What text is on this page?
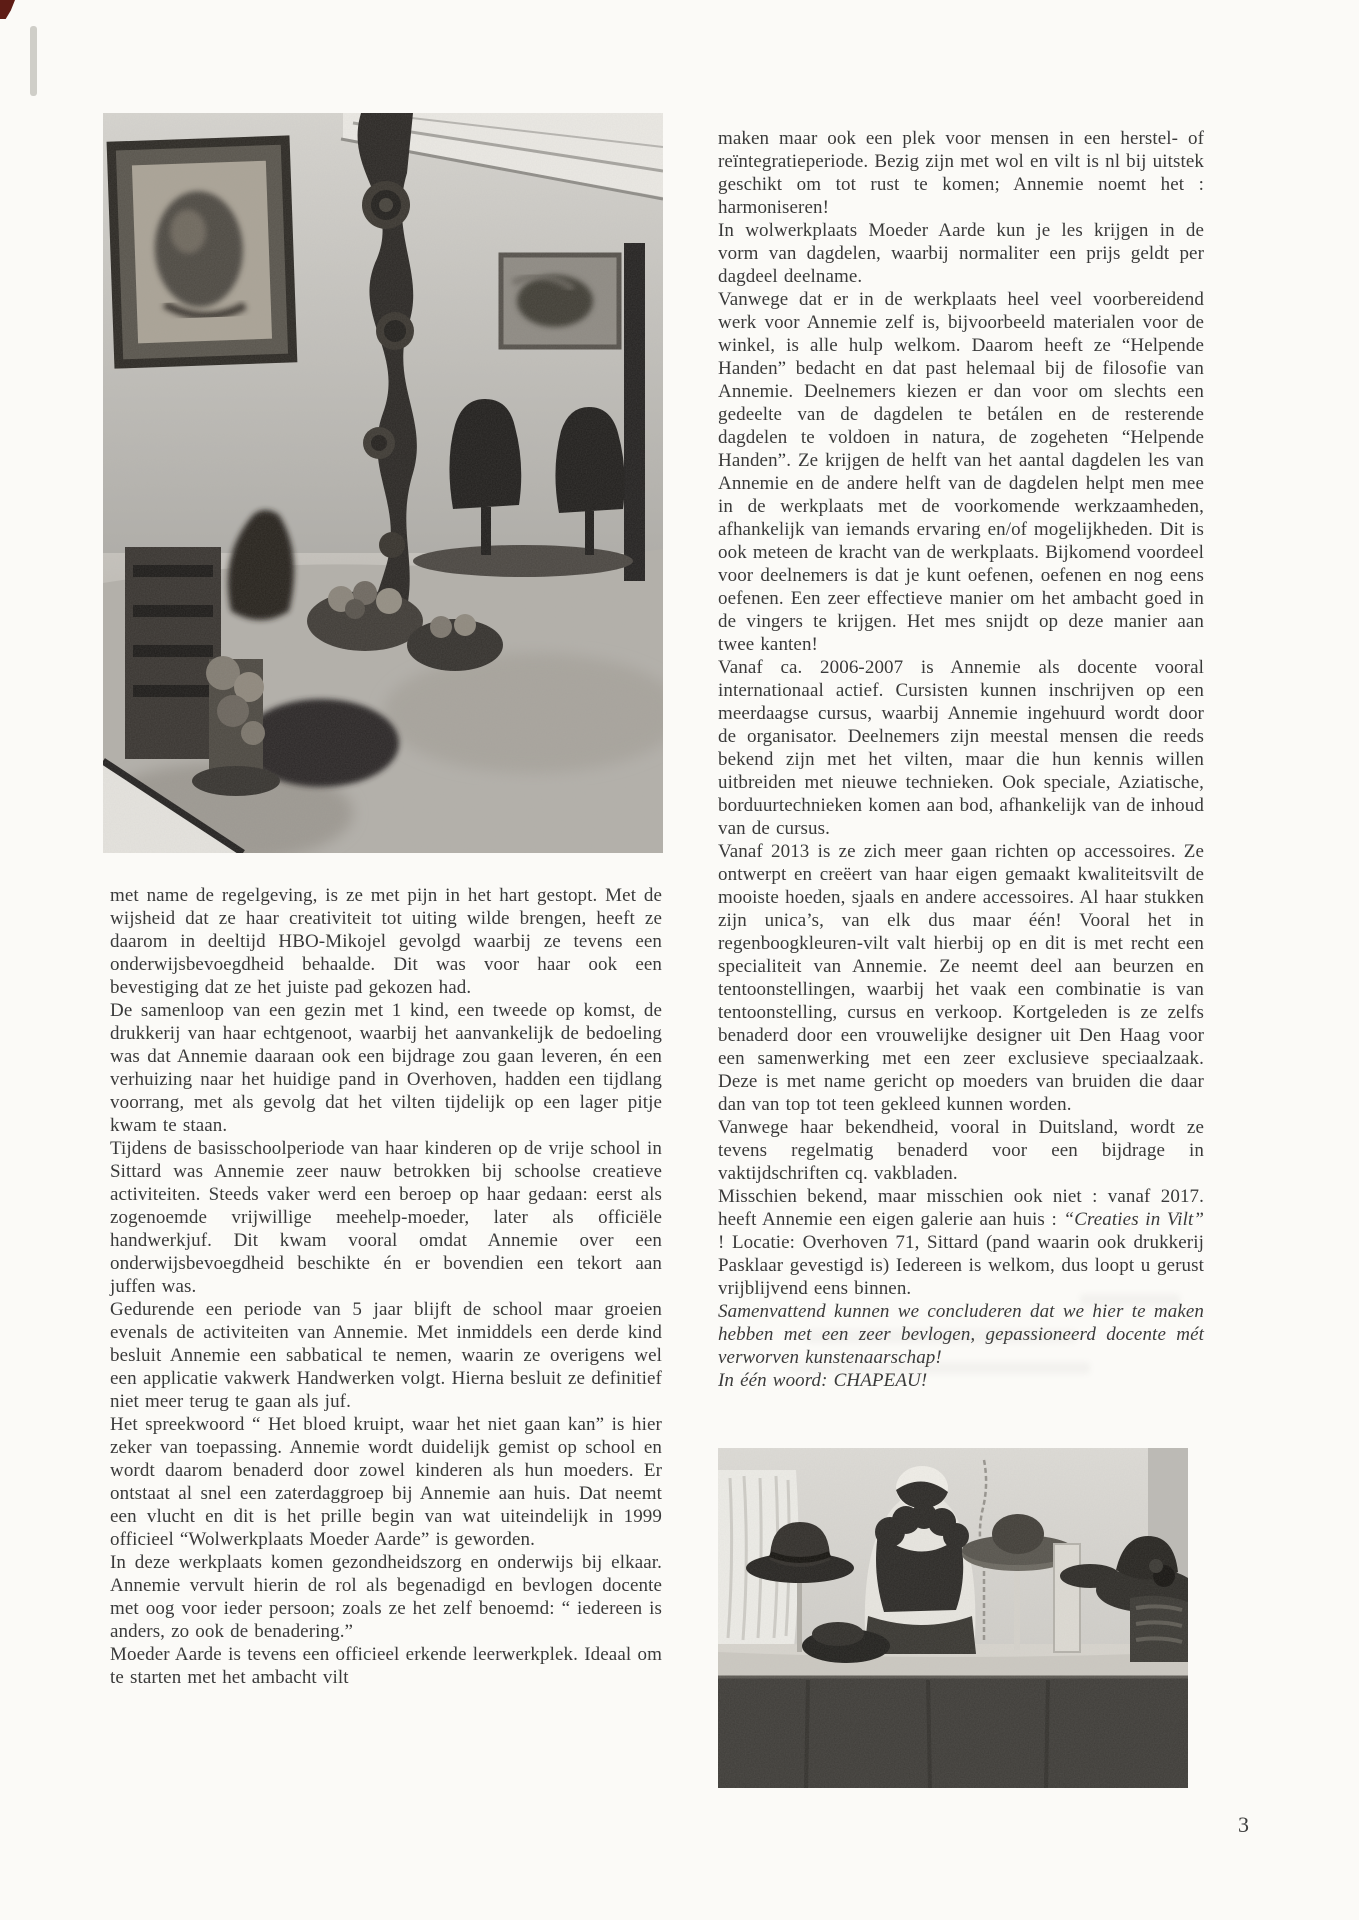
met name de regelgeving, is ze met pijn in het hart gestopt. Met de wijsheid dat ze haar creativiteit tot uiting wilde brengen, heeft ze daarom in deeltijd HBO-Mikojel gevolgd waarbij ze tevens een onderwijsbevoegdheid behaalde. Dit was voor haar ook een bevestiging dat ze het juiste pad gekozen had.

De samenloop van een gezin met 1 kind, een tweede op komst, de drukkerij van haar echtgenoot, waarbij het aanvankelijk de bedoeling was dat Annemie daaraan ook een bijdrage zou gaan leveren, én een verhuizing naar het huidige pand in Overhoven, hadden een tijdlang voorrang, met als gevolg dat het vilten tijdelijk op een lager pitje kwam te staan.

Tijdens de basisschoolperiode van haar kinderen op de vrije school in Sittard was Annemie zeer nauw betrokken bij schoolse creatieve activiteiten. Steeds vaker werd een beroep op haar gedaan: eerst als zogenoemde vrijwillige meehelp-moeder, later als officiële handwerkjuf. Dit kwam vooral omdat Annemie over een onderwijsbevoegdheid beschikte én er bovendien een tekort aan juffen was.

Gedurende een periode van 5 jaar blijft de school maar groeien evenals de activiteiten van Annemie. Met inmiddels een derde kind besluit Annemie een sabbatical te nemen, waarin ze overigens wel een applicatie vakwerk Handwerken volgt. Hierna besluit ze definitief niet meer terug te gaan als juf.

Het spreekwoord “ Het bloed kruipt, waar het niet gaan kan” is hier zeker van toepassing. Annemie wordt duidelijk gemist op school en wordt daarom benaderd door zowel kinderen als hun moeders. Er ontstaat al snel een zaterdaggroep bij Annemie aan huis. Dat neemt een vlucht en dit is het prille begin van wat uiteindelijk in 1999 officieel “Wolwerkplaats Moeder Aarde” is geworden.

In deze werkplaats komen gezondheidszorg en onderwijs bij elkaar. Annemie vervult hierin de rol als begenadigd en bevlogen docente met oog voor ieder persoon; zoals ze het zelf benoemd: “ iedereen is anders, zo ook de benadering.”

Moeder Aarde is tevens een officieel erkende leerwerkplek. Ideaal om te starten met het ambacht vilt

maken maar ook een plek voor mensen in een herstel- of reïntegratieperiode. Bezig zijn met wol en vilt is nl bij uitstek geschikt om tot rust te komen; Annemie noemt het : harmoniseren!

In wolwerkplaats Moeder Aarde kun je les krijgen in de vorm van dagdelen, waarbij normaliter een prijs geldt per dagdeel deelname.

Vanwege dat er in de werkplaats heel veel voorbereidend werk voor Annemie zelf is, bijvoorbeeld materialen voor de winkel, is alle hulp welkom. Daarom heeft ze “Helpende Handen” bedacht en dat past helemaal bij de filosofie van Annemie. Deelnemers kiezen er dan voor om slechts een gedeelte van de dagdelen te betálen en de resterende dagdelen te voldoen in natura, de zogeheten “Helpende Handen”. Ze krijgen de helft van het aantal dagdelen les van Annemie en de andere helft van de dagdelen helpt men mee in de werkplaats met de voorkomende werkzaamheden, afhankelijk van iemands ervaring en/of mogelijkheden. Dit is ook meteen de kracht van de werkplaats. Bijkomend voordeel voor deelnemers is dat je kunt oefenen, oefenen en nog eens oefenen. Een zeer effectieve manier om het ambacht goed in de vingers te krijgen. Het mes snijdt op deze manier aan twee kanten!

Vanaf ca. 2006-2007 is Annemie als docente vooral internationaal actief. Cursisten kunnen inschrijven op een meerdaagse cursus, waarbij Annemie ingehuurd wordt door de organisator. Deelnemers zijn meestal mensen die reeds bekend zijn met het vilten, maar die hun kennis willen uitbreiden met nieuwe technieken. Ook speciale, Aziatische, borduurtechnieken komen aan bod, afhankelijk van de inhoud van de cursus.

Vanaf 2013 is ze zich meer gaan richten op accessoires. Ze ontwerpt en creëert van haar eigen gemaakt kwaliteitsvilt de mooiste hoeden, sjaals en andere accessoires. Al haar stukken zijn unica’s, van elk dus maar één! Vooral het in regenboogkleuren-vilt valt hierbij op en dit is met recht een specialiteit van Annemie. Ze neemt deel aan beurzen en tentoonstellingen, waarbij het vaak een combinatie is van tentoonstelling, cursus en verkoop. Kortgeleden is ze zelfs benaderd door een vrouwelijke designer uit Den Haag voor een samenwerking met een zeer exclusieve speciaalzaak. Deze is met name gericht op moeders van bruiden die daar dan van top tot teen gekleed kunnen worden.

Vanwege haar bekendheid, vooral in Duitsland, wordt ze tevens regelmatig benaderd voor een bijdrage in vaktijdschriften cq. vakbladen.

Misschien bekend, maar misschien ook niet : vanaf 2017. heeft Annemie een eigen galerie aan huis : “Creaties in Vilt” ! Locatie: Overhoven 71, Sittard (pand waarin ook drukkerij Pasklaar gevestigd is) Iedereen is welkom, dus loopt u gerust vrijblijvend eens binnen.

Samenvattend kunnen we concluderen dat we hier te maken hebben met een zeer bevlogen, gepassioneerd docente mét verworven kunstenaarschap!

In één woord: CHAPEAU!

3
